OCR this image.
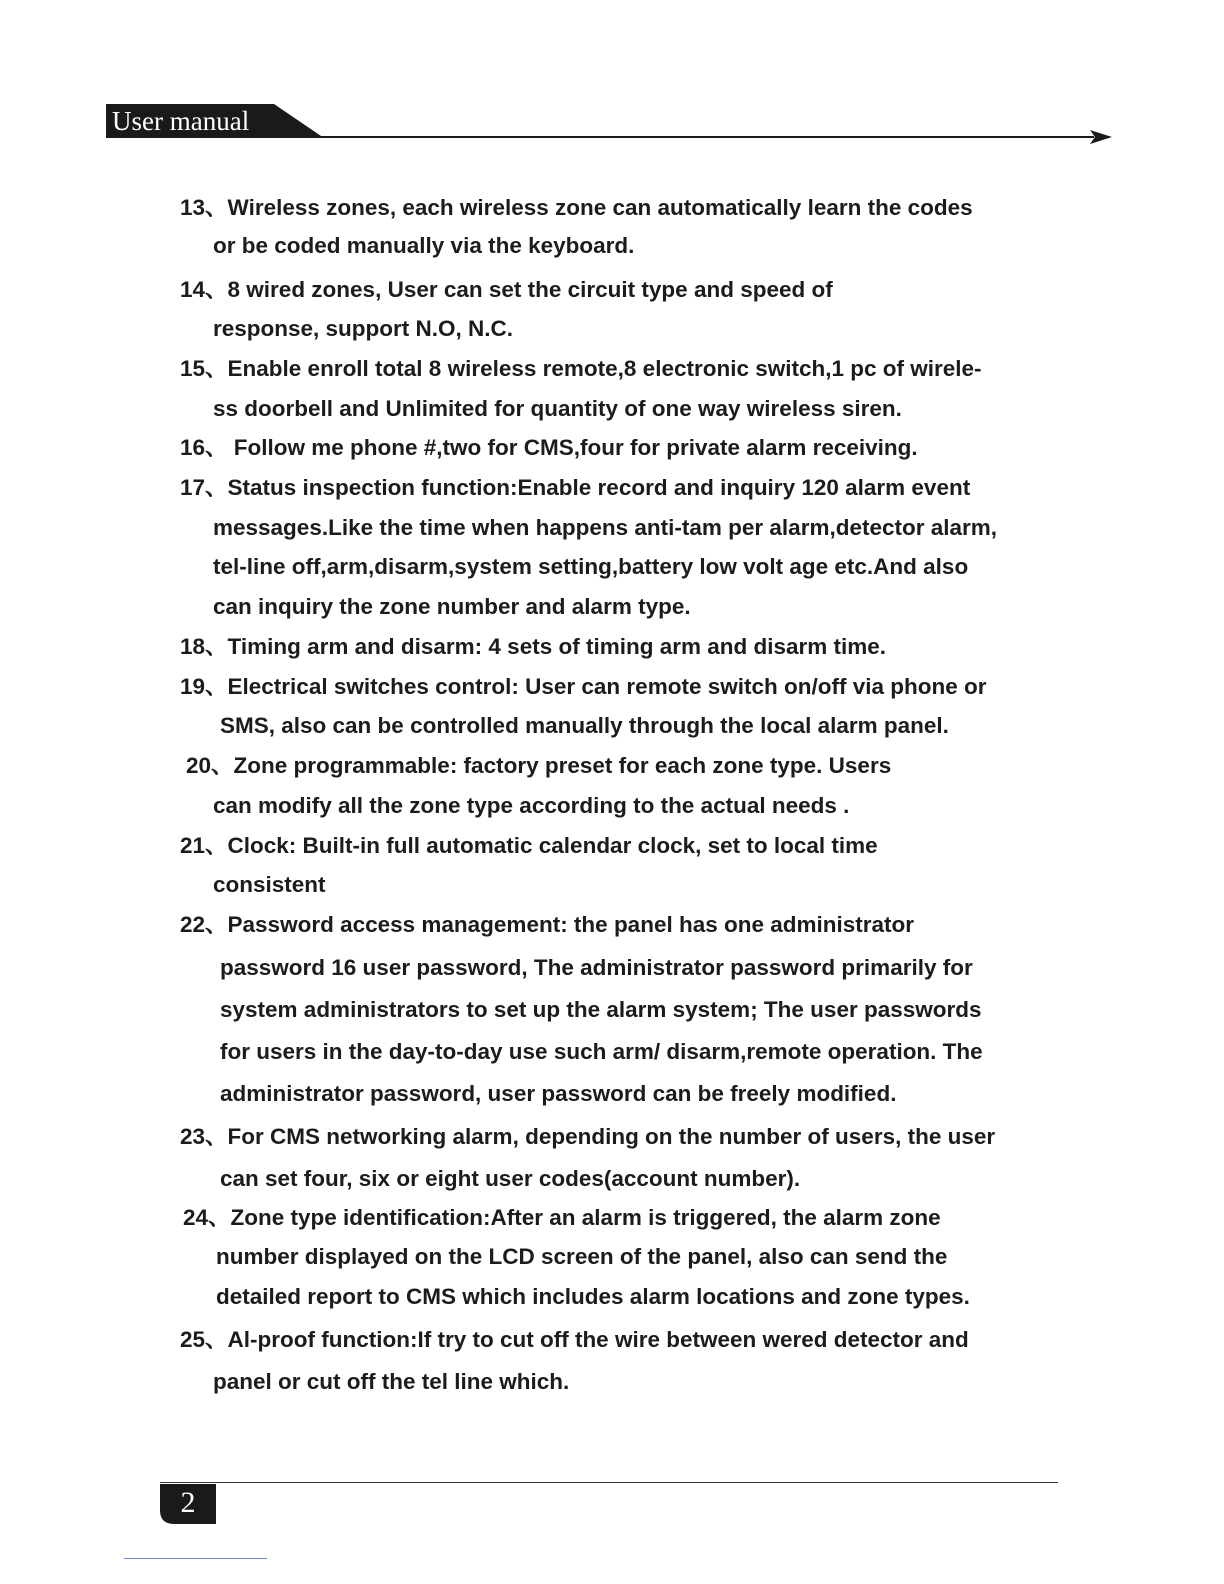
User manual
13、Wireless zones, each wireless zone can automatically learn the codes
or be coded manually via the keyboard.
14、8 wired zones, User can set the circuit type and speed of
response, support N.O, N.C.
15、Enable enroll total 8 wireless remote,8 electronic switch,1 pc of wirele-
ss doorbell and Unlimited for quantity of one way wireless siren.
16、 Follow me phone #,two for CMS,four for private alarm receiving.
17、Status inspection function:Enable record and inquiry 120 alarm event
messages.Like the time when happens anti-tam per alarm,detector alarm,
tel-line off,arm,disarm,system setting,battery low volt age etc.And also
can inquiry the zone number and alarm type.
18、Timing arm and disarm: 4 sets of timing arm and disarm time.
19、Electrical switches control: User can remote switch on/off via phone or
SMS, also can be controlled manually through the local alarm panel.
20、Zone programmable: factory preset for each zone type. Users
can modify all the zone type according to the actual needs .
21、Clock: Built-in full automatic calendar clock, set to local time
consistent
22、Password access management: the panel has one administrator
password 16 user password, The administrator password primarily for
system administrators to set up the alarm system; The user passwords
for users in the day-to-day use such arm/ disarm,remote operation. The
administrator password, user password can be freely modified.
23、For CMS networking alarm, depending on the number of users, the user
can set four, six or eight user codes(account number).
24、Zone type identification:After an alarm is triggered, the alarm zone
number displayed on the LCD screen of the panel, also can send the
detailed report to CMS which includes alarm locations and zone types.
25、Al-proof function:If try to cut off the wire between wered detector and
panel or cut off the tel line which.
2
